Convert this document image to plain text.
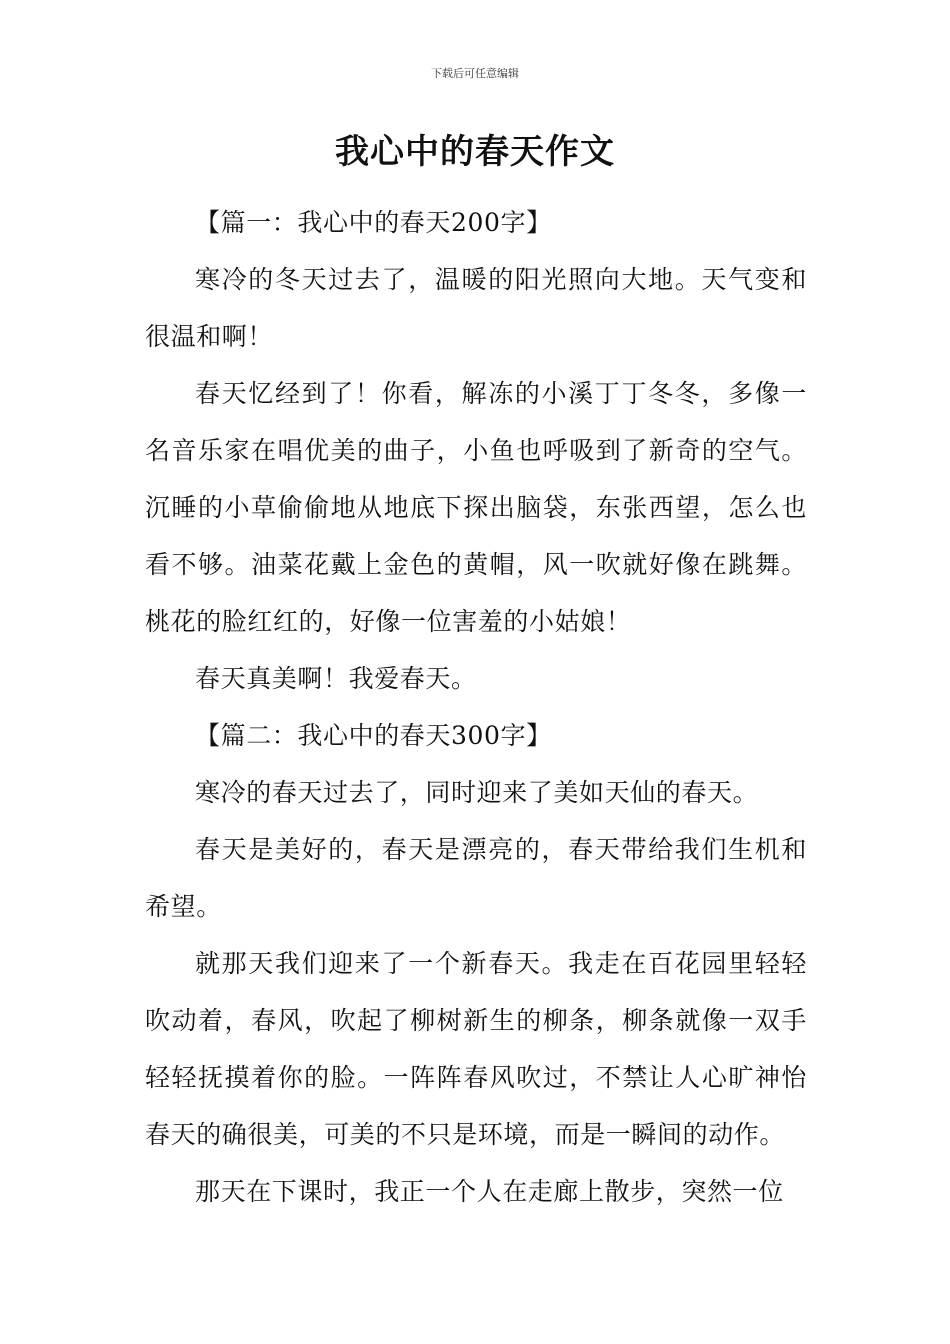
下载后可任意编辑
我心中的春天作文

【篇一：我心中的春天200字】

寒冷的冬天过去了，温暖的阳光照向大地。天气变和很温和啊！

春天忆经到了！你看，解冻的小溪丁丁冬冬，多像一名音乐家在唱优美的曲子，小鱼也呼吸到了新奇的空气。沉睡的小草偷偷地从地底下探出脑袋，东张西望，怎么也看不够。油菜花戴上金色的黄帽，风一吹就好像在跳舞。桃花的脸红红的，好像一位害羞的小姑娘！

春天真美啊！我爱春天。

【篇二：我心中的春天300字】

寒冷的春天过去了，同时迎来了美如天仙的春天。

春天是美好的，春天是漂亮的，春天带给我们生机和希望。

就那天我们迎来了一个新春天。我走在百花园里轻轻吹动着，春风，吹起了柳树新生的柳条，柳条就像一双手轻轻抚摸着你的脸。一阵阵春风吹过，不禁让人心旷神怡春天的确很美，可美的不只是环境，而是一瞬间的动作。

那天在下课时，我正一个人在走廊上散步，突然一位
